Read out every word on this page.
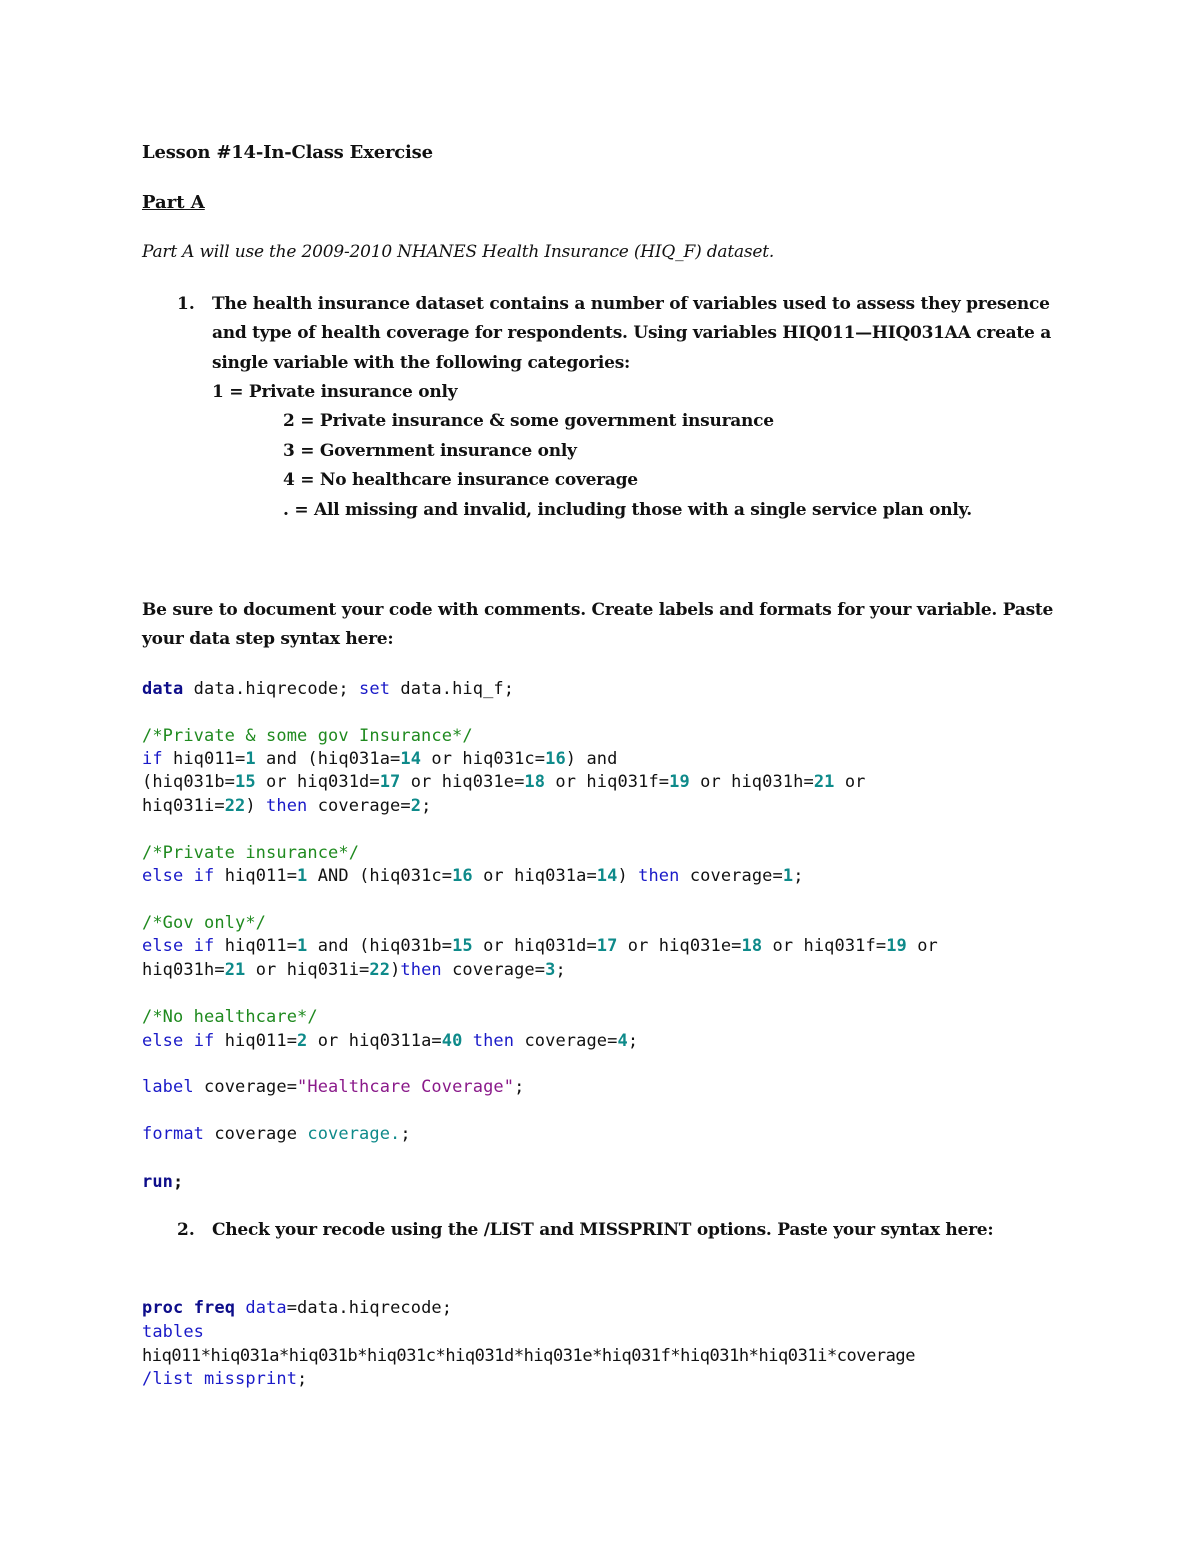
Lesson #14-In-Class Exercise
Part A
Part A will use the 2009-2010 NHANES Health Insurance (HIQ_F) dataset.
1. The health insurance dataset contains a number of variables used to assess they presence
and type of health coverage for respondents. Using variables HIQ011—HIQ031AA create a
single variable with the following categories:
1 = Private insurance only
2 = Private insurance & some government insurance
3 = Government insurance only
4 = No healthcare insurance coverage
. = All missing and invalid, including those with a single service plan only.
Be sure to document your code with comments. Create labels and formats for your variable. Paste
your data step syntax here:
data data.hiqrecode; set data.hiq_f;
/*Private & some gov Insurance*/
if hiq011=1 and (hiq031a=14 or hiq031c=16) and
(hiq031b=15 or hiq031d=17 or hiq031e=18 or hiq031f=19 or hiq031h=21 or
hiq031i=22) then coverage=2;
/*Private insurance*/
else if hiq011=1 AND (hiq031c=16 or hiq031a=14) then coverage=1;
/*Gov only*/
else if hiq011=1 and (hiq031b=15 or hiq031d=17 or hiq031e=18 or hiq031f=19 or
hiq031h=21 or hiq031i=22)then coverage=3;
/*No healthcare*/
else if hiq011=2 or hiq0311a=40 then coverage=4;
label coverage="Healthcare Coverage";
format coverage coverage.;
run;
2. Check your recode using the /LIST and MISSPRINT options. Paste your syntax here:
proc freq data=data.hiqrecode;
tables
hiq011*hiq031a*hiq031b*hiq031c*hiq031d*hiq031e*hiq031f*hiq031h*hiq031i*coverage
/list missprint;
